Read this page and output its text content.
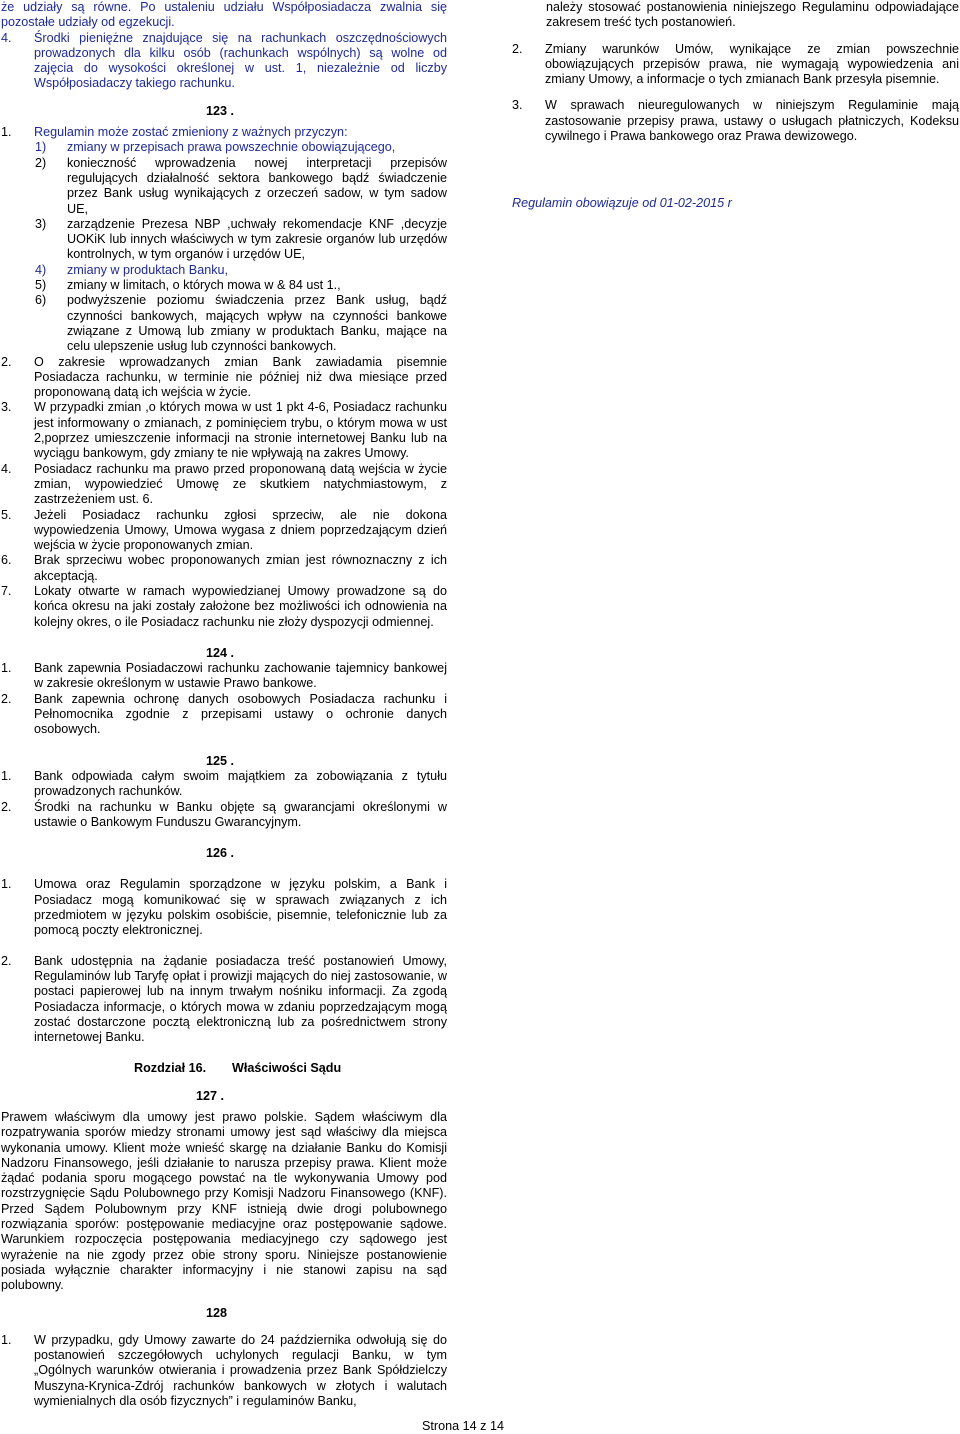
że udziały są równe. Po ustaleniu udziału Współposiadacza zwalnia się pozostałe udziały od egzekucji.

4.	Środki pieniężne znajdujące się na rachunkach oszczędnościowych prowadzonych dla kilku osób (rachunkach wspólnych) są wolne od zajęcia do wysokości określonej w ust. 1, niezależnie od liczby Współposiadaczy takiego rachunku.

123 .

1.	Regulamin może zostać zmieniony z ważnych przyczyn:
1)	zmiany w przepisach prawa powszechnie obowiązującego,
2)	konieczność wprowadzenia nowej interpretacji przepisów regulujących działalność sektora bankowego bądź świadczenie przez Bank usług wynikających z orzeczeń sadow, w tym sadow UE,
3)	zarządzenie Prezesa NBP ,uchwały rekomendacje KNF ,decyzje UOKiK lub innych właściwych w tym zakresie organów lub urzędów kontrolnych, w tym organów i urzędów UE,
4)	zmiany w produktach Banku,
5)	zmiany w limitach, o których mowa w & 84 ust 1.,
6)	podwyższenie poziomu świadczenia przez Bank usług, bądź czynności bankowych, mających wpływ na czynności bankowe związane z Umową lub zmiany w produktach Banku, mające na celu ulepszenie usług lub czynności bankowych.
2.	O zakresie wprowadzanych zmian Bank zawiadamia pisemnie Posiadacza rachunku, w terminie nie później niż dwa miesiące przed proponowaną datą ich wejścia w życie.
3.	W przypadki zmian ,o których mowa w ust 1 pkt 4-6, Posiadacz rachunku jest informowany o zmianach, z pominięciem trybu, o którym mowa w ust 2,poprzez umieszczenie informacji na stronie internetowej Banku lub na wyciągu bankowym, gdy zmiany te nie wpływają na zakres Umowy.
4.	Posiadacz rachunku ma prawo przed proponowaną datą wejścia w życie zmian, wypowiedzieć Umowę ze skutkiem natychmiastowym, z zastrzeżeniem ust. 6.
5.	Jeżeli Posiadacz rachunku zgłosi sprzeciw, ale nie dokona wypowiedzenia Umowy, Umowa wygasa z dniem poprzedzającym dzień wejścia w życie proponowanych zmian.
6.	Brak sprzeciwu wobec proponowanych zmian jest równoznaczny z ich akceptacją.
7.	Lokaty otwarte w ramach wypowiedzianej Umowy prowadzone są do końca okresu na jaki zostały założone bez możliwości ich odnowienia na kolejny okres, o ile Posiadacz rachunku nie złoży dyspozycji odmiennej.

124 .

1.	Bank zapewnia Posiadaczowi rachunku zachowanie tajemnicy bankowej w zakresie określonym w ustawie Prawo bankowe.
2.	Bank zapewnia ochronę danych osobowych Posiadacza rachunku i Pełnomocnika zgodnie z przepisami ustawy o ochronie danych osobowych.

125 .

1.	Bank odpowiada całym swoim majątkiem za zobowiązania z tytułu prowadzonych rachunków.
2.	Środki na rachunku w Banku objęte są gwarancjami określonymi w ustawie o Bankowym Funduszu Gwarancyjnym.

126 .

1.	Umowa oraz Regulamin sporządzone w języku polskim, a Bank i Posiadacz mogą komunikować się w sprawach związanych z ich przedmiotem w języku polskim osobiście, pisemnie, telefonicznie lub za pomocą poczty elektronicznej.
2.	Bank udostępnia na żądanie posiadacza treść postanowień Umowy, Regulaminów lub Taryfę opłat i prowizji mających do niej zastosowanie, w postaci papierowej lub na innym trwałym nośniku informacji. Za zgodą Posiadacza informacje, o których mowa w zdaniu poprzedzającym mogą zostać dostarczone pocztą elektroniczną lub za pośrednictwem strony internetowej Banku.
Rozdział 16.	Właściwości Sądu

127 .

Prawem właściwym dla umowy jest prawo polskie. Sądem właściwym dla rozpatrywania sporów miedzy stronami umowy jest sąd właściwy dla miejsca wykonania umowy. Klient może wnieść skargę na działanie Banku do Komisji Nadzoru Finansowego, jeśli działanie to narusza przepisy prawa. Klient może żądać podania sporu mogącego powstać na tle wykonywania Umowy pod rozstrzygnięcie Sądu Polubownego przy Komisji Nadzoru Finansowego (KNF). Przed Sądem Polubownym przy KNF istnieją dwie drogi polubownego rozwiązania sporów: postępowanie mediacyjne oraz postępowanie sądowe. Warunkiem rozpoczęcia postępowania mediacyjnego czy sądowego jest wyrażenie na nie zgody przez obie strony sporu. Niniejsze postanowienie posiada wyłącznie charakter informacyjny i nie stanowi zapisu na sąd polubowny.

128

1.	W przypadku, gdy Umowy zawarte do 24 października odwołują się do postanowień szczegółowych uchylonych regulacji Banku, w tym „Ogólnych warunków otwierania i prowadzenia przez Bank Spółdzielczy Muszyna-Krynica-Zdrój rachunków bankowych w złotych i walutach wymienialnych dla osób fizycznych” i regulaminów Banku,

należy stosować postanowienia niniejszego Regulaminu odpowiadające zakresem treść tych postanowień.

2.	Zmiany warunków Umów, wynikające ze zmian powszechnie obowiązujących przepisów prawa, nie wymagają wypowiedzenia ani zmiany Umowy, a informacje o tych zmianach Bank przesyła pisemnie.
3.	W sprawach nieuregulowanych w niniejszym Regulaminie mają zastosowanie przepisy prawa, ustawy o usługach płatniczych, Kodeksu cywilnego i Prawa bankowego oraz Prawa dewizowego.

Regulamin obowiązuje od 01-02-2015 r

Strona 14 z 14
